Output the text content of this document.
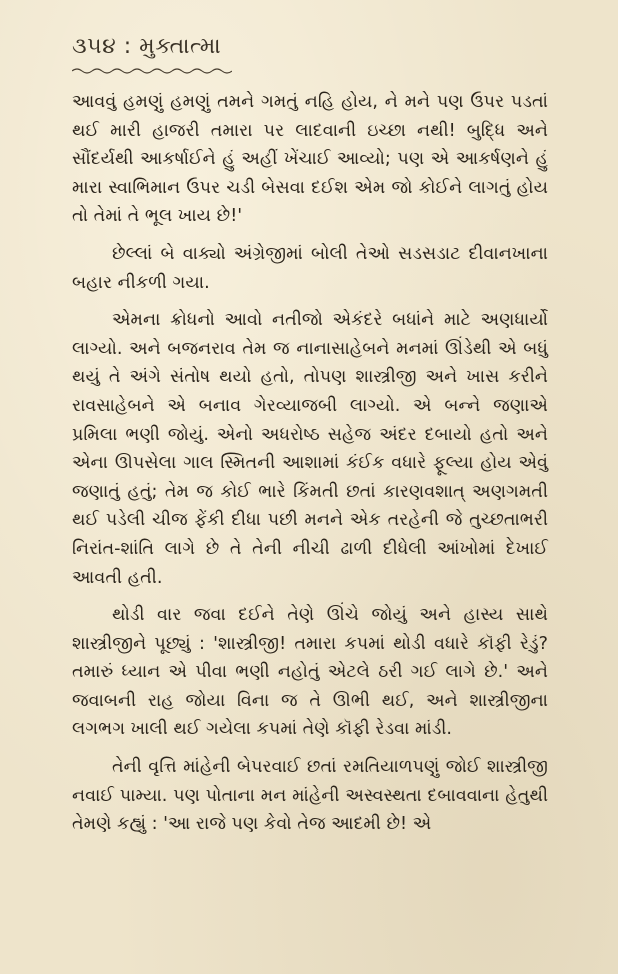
૩૫૪ : મુક્તાત્મા

આવવું હમણું હમણું તમને ગમતું નહિ હોય, ને મને પણ ઉપર પડતાં થઈ મારી હાજરી તમારા પર લાદવાની ઇચ્છા નથી! બુદ્ધિ અને સૌંદર્યથી આકર્ષાઈને હું અહીં ખેંચાઈ આવ્યો; પણ એ આકર્ષણને હું મારા સ્વાભિમાન ઉપર ચડી બેસવા દઈશ એમ જો કોઈને લાગતું હોય તો તેમાં તે ભૂલ ખાય છે!'

છેલ્લાં બે વાક્યો અંગ્રેજીમાં બોલી તેઓ સડસડાટ દીવાનખાના બહાર નીકળી ગયા.

એમના ક્રોધનો આવો નતીજો એકંદરે બધાંને માટે અણધાર્યો લાગ્યો. અને બજનરાવ તેમ જ નાનાસાહેબને મનમાં ઊંડેથી એ બધું થયું તે અંગે સંતોષ થયો હતો, તોપણ શાસ્ત્રીજી અને ખાસ કરીને રાવસાહેબને એ બનાવ ગેરવ્યાજબી લાગ્યો. એ બન્ને જણાએ પ્રમિલા ભણી જોયું. એનો અધરોષ્ઠ સહેજ અંદર દબાયો હતો અને એના ઊપસેલા ગાલ સ્મિતની આશામાં કંઈક વધારે ફૂલ્યા હોય એવું જણાતું હતું; તેમ જ કોઈ ભારે કિંમતી છતાં કારણવશાત્ અણગમતી થઈ પડેલી ચીજ ફેંકી દીધા પછી મનને એક તરહેની જે તુચ્છતાભરી નિરાંત-શાંતિ લાગે છે તે તેની નીચી ઢાળી દીધેલી આંખોમાં દેખાઈ આવતી હતી.

થોડી વાર જવા દઈને તેણે ઊંચે જોયું અને હાસ્ય સાથે શાસ્ત્રીજીને પૂછ્યું : 'શાસ્ત્રીજી! તમારા કપમાં થોડી વધારે કૉફી રેડું? તમારું ધ્યાન એ પીવા ભણી નહોતું એટલે ઠરી ગઈ લાગે છે.' અને જવાબની રાહ જોયા વિના જ તે ઊભી થઈ, અને શાસ્ત્રીજીના લગભગ ખાલી થઈ ગયેલા કપમાં તેણે કૉફી રેડવા માંડી.

તેની વૃત્તિ માંહેની બેપરવાઈ છતાં રમતિયાળપણું જોઈ શાસ્ત્રીજી નવાઈ પામ્યા. પણ પોતાના મન માંહેની અસ્વસ્થતા દબાવવાના હેતુથી તેમણે કહ્યું : 'આ રાજે પણ કેવો તેજ આદમી છે! એ
